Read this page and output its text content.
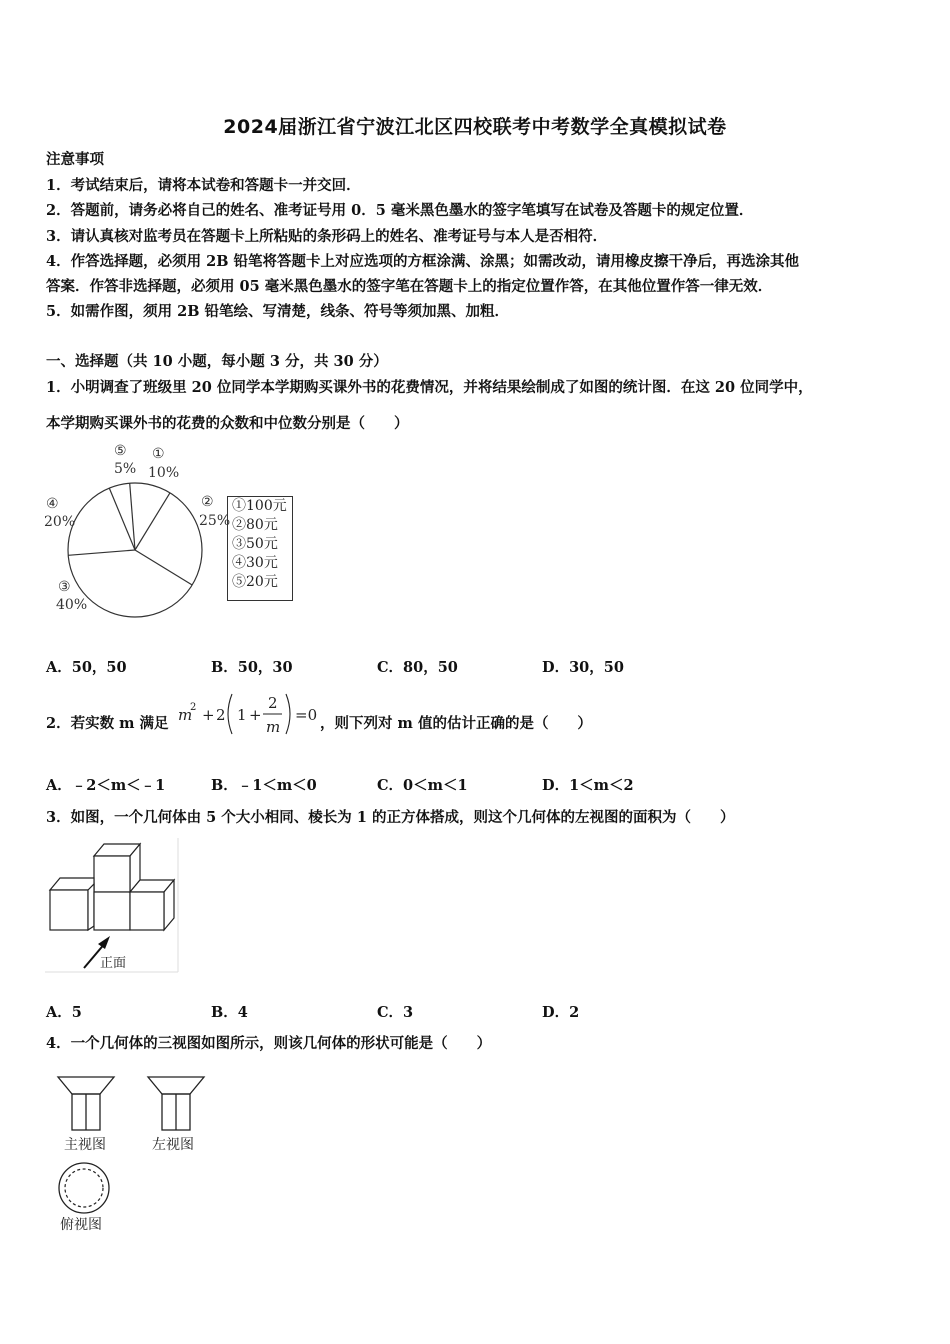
2024届浙江省宁波江北区四校联考中考数学全真模拟试卷
注意事项
1．考试结束后，请将本试卷和答题卡一并交回．
2．答题前，请务必将自己的姓名、准考证号用 0．5 毫米黑色墨水的签字笔填写在试卷及答题卡的规定位置．
3．请认真核对监考员在答题卡上所粘贴的条形码上的姓名、准考证号与本人是否相符．
4．作答选择题，必须用 2B 铅笔将答题卡上对应选项的方框涂满、涂黑；如需改动，请用橡皮擦干净后，再选涂其他
答案．作答非选择题，必须用 05 毫米黑色墨水的签字笔在答题卡上的指定位置作答，在其他位置作答一律无效．
5．如需作图，须用 2B 铅笔绘、写清楚，线条、符号等须加黑、加粗．
一、选择题（共 10 小题，每小题 3 分，共 30 分）
1．小明调查了班级里 20 位同学本学期购买课外书的花费情况，并将结果绘制成了如图的统计图．在这 20 位同学中，
本学期购买课外书的花费的众数和中位数分别是（　　）
⑤
5%
①
10%
②
25%
④
20%
③
40%
①100元
②80元
③50元
④30元
⑤20元
A．50，50	B．50，30	C．80，50	D．30，50
2．若实数 m 满足 m
2 + 2 1 +
2
m
=0 ，则下列对 m 值的估计正确的是（　　）
A．﹣2＜m＜﹣1	B．﹣1＜m＜0	C．0＜m＜1	D．1＜m＜2
3．如图，一个几何体由 5 个大小相同、棱长为 1 的正方体搭成，则这个几何体的左视图的面积为（　　）
正面
A．5	B．4	C．3	D．2
4．一个几何体的三视图如图所示，则该几何体的形状可能是（　　）
主视图	左视图
俯视图
